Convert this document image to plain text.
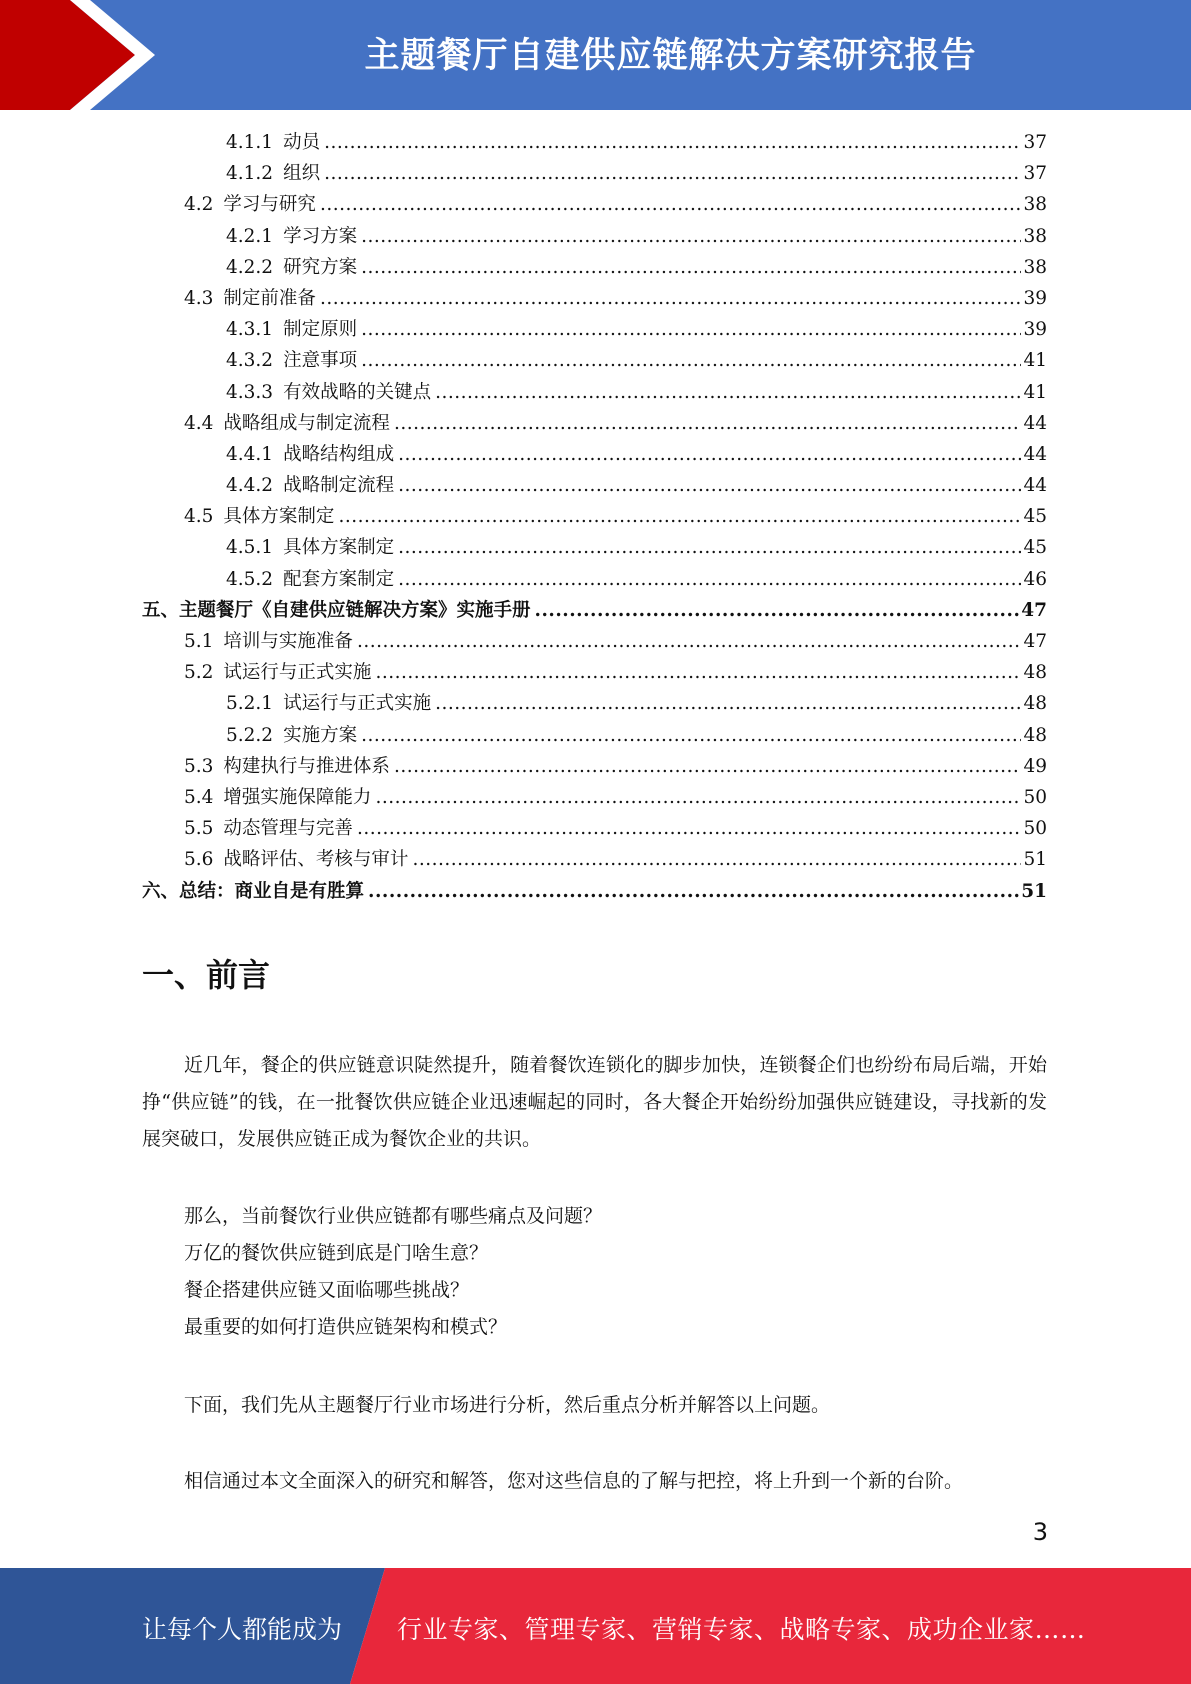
主题餐厅自建供应链解决方案研究报告
4.1.1 动员 .....	37
4.1.2 组织 .....	37
4.2 学习与研究 .....	38
4.2.1 学习方案 .....	38
4.2.2 研究方案 .....	38
4.3 制定前准备 .....	39
4.3.1 制定原则 .....	39
4.3.2 注意事项 .....	41
4.3.3 有效战略的关键点 .....	41
4.4 战略组成与制定流程 .....	44
4.4.1 战略结构组成 .....	44
4.4.2 战略制定流程 .....	44
4.5 具体方案制定 .....	45
4.5.1 具体方案制定 .....	45
4.5.2 配套方案制定 .....	46
五、 主题餐厅《自建供应链解决方案》实施手册 .....	47
5.1 培训与实施准备 .....	47
5.2 试运行与正式实施 .....	48
5.2.1 试运行与正式实施 .....	48
5.2.2 实施方案 .....	48
5.3 构建执行与推进体系 .....	49
5.4 增强实施保障能力 .....	50
5.5 动态管理与完善 .....	50
5.6 战略评估、考核与审计 .....	51
六、 总结：商业自是有胜算 .....	51
一、前言

近几年，餐企的供应链意识陡然提升，随着餐饮连锁化的脚步加快，连锁餐企们也纷纷布局后端，开始挣“供应链”的钱，在一批餐饮供应链企业迅速崛起的同时，各大餐企开始纷纷加强供应链建设，寻找新的发展突破口，发展供应链正成为餐饮企业的共识。

那么，当前餐饮行业供应链都有哪些痛点及问题？
万亿的餐饮供应链到底是门啥生意？
餐企搭建供应链又面临哪些挑战？
最重要的如何打造供应链架构和模式？

下面，我们先从主题餐厅行业市场进行分析，然后重点分析并解答以上问题。

相信通过本文全面深入的研究和解答，您对这些信息的了解与把控，将上升到一个新的台阶。

3
让每个人都能成为 行业专家、管理专家、营销专家、战略专家、成功企业家……
